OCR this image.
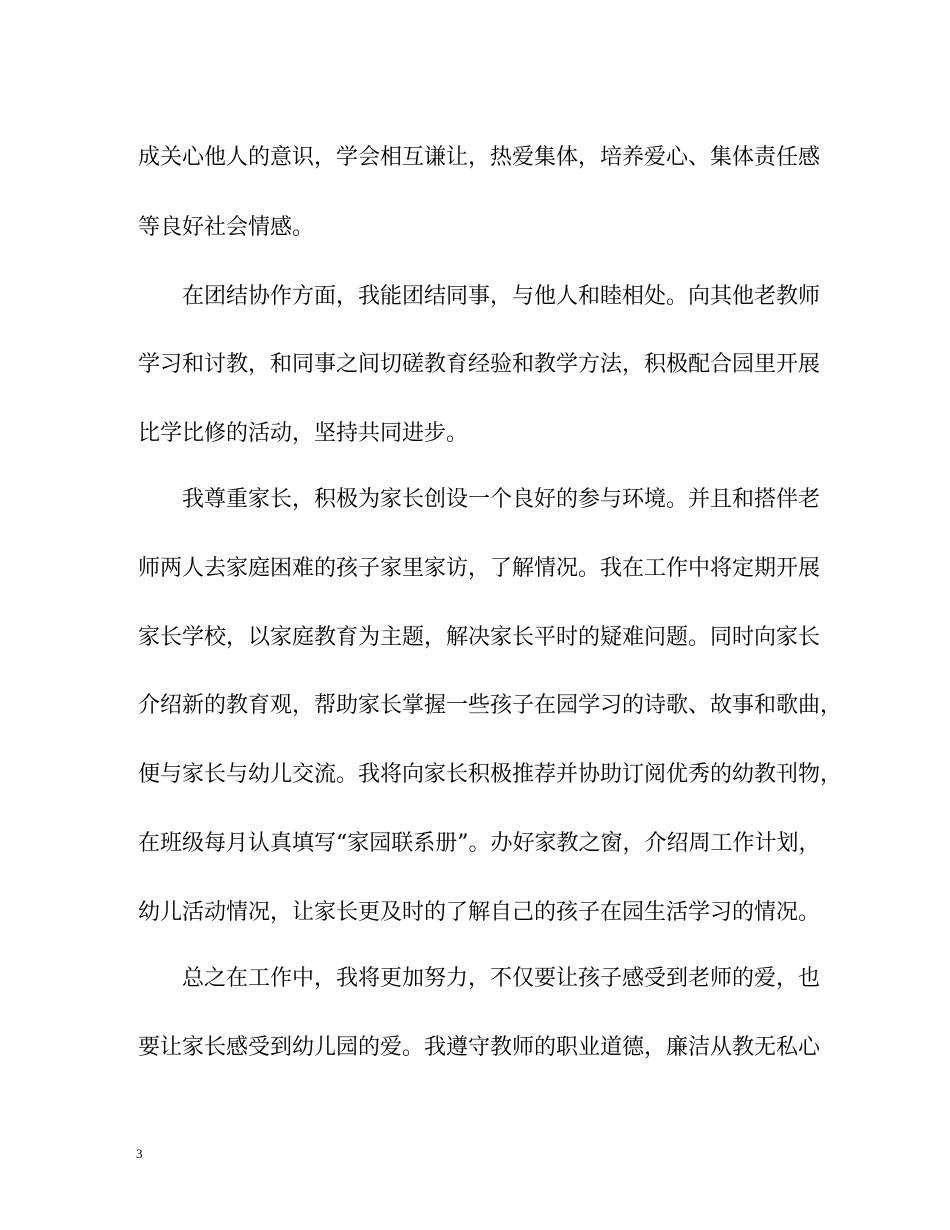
成关心他人的意识，学会相互谦让，热爱集体，培养爱心、集体责任感
等良好社会情感。
在团结协作方面，我能团结同事，与他人和睦相处。向其他老教师
学习和讨教，和同事之间切磋教育经验和教学方法，积极配合园里开展
比学比修的活动，坚持共同进步。
我尊重家长，积极为家长创设一个良好的参与环境。并且和搭伴老
师两人去家庭困难的孩子家里家访，了解情况。我在工作中将定期开展
家长学校，以家庭教育为主题，解决家长平时的疑难问题。同时向家长
介绍新的教育观，帮助家长掌握一些孩子在园学习的诗歌、故事和歌曲，
便与家长与幼儿交流。我将向家长积极推荐并协助订阅优秀的幼教刊物，
在班级每月认真填写“家园联系册”。办好家教之窗，介绍周工作计划，
幼儿活动情况，让家长更及时的了解自己的孩子在园生活学习的情况。
总之在工作中，我将更加努力，不仅要让孩子感受到老师的爱，也
要让家长感受到幼儿园的爱。我遵守教师的职业道德，廉洁从教无私心
3
